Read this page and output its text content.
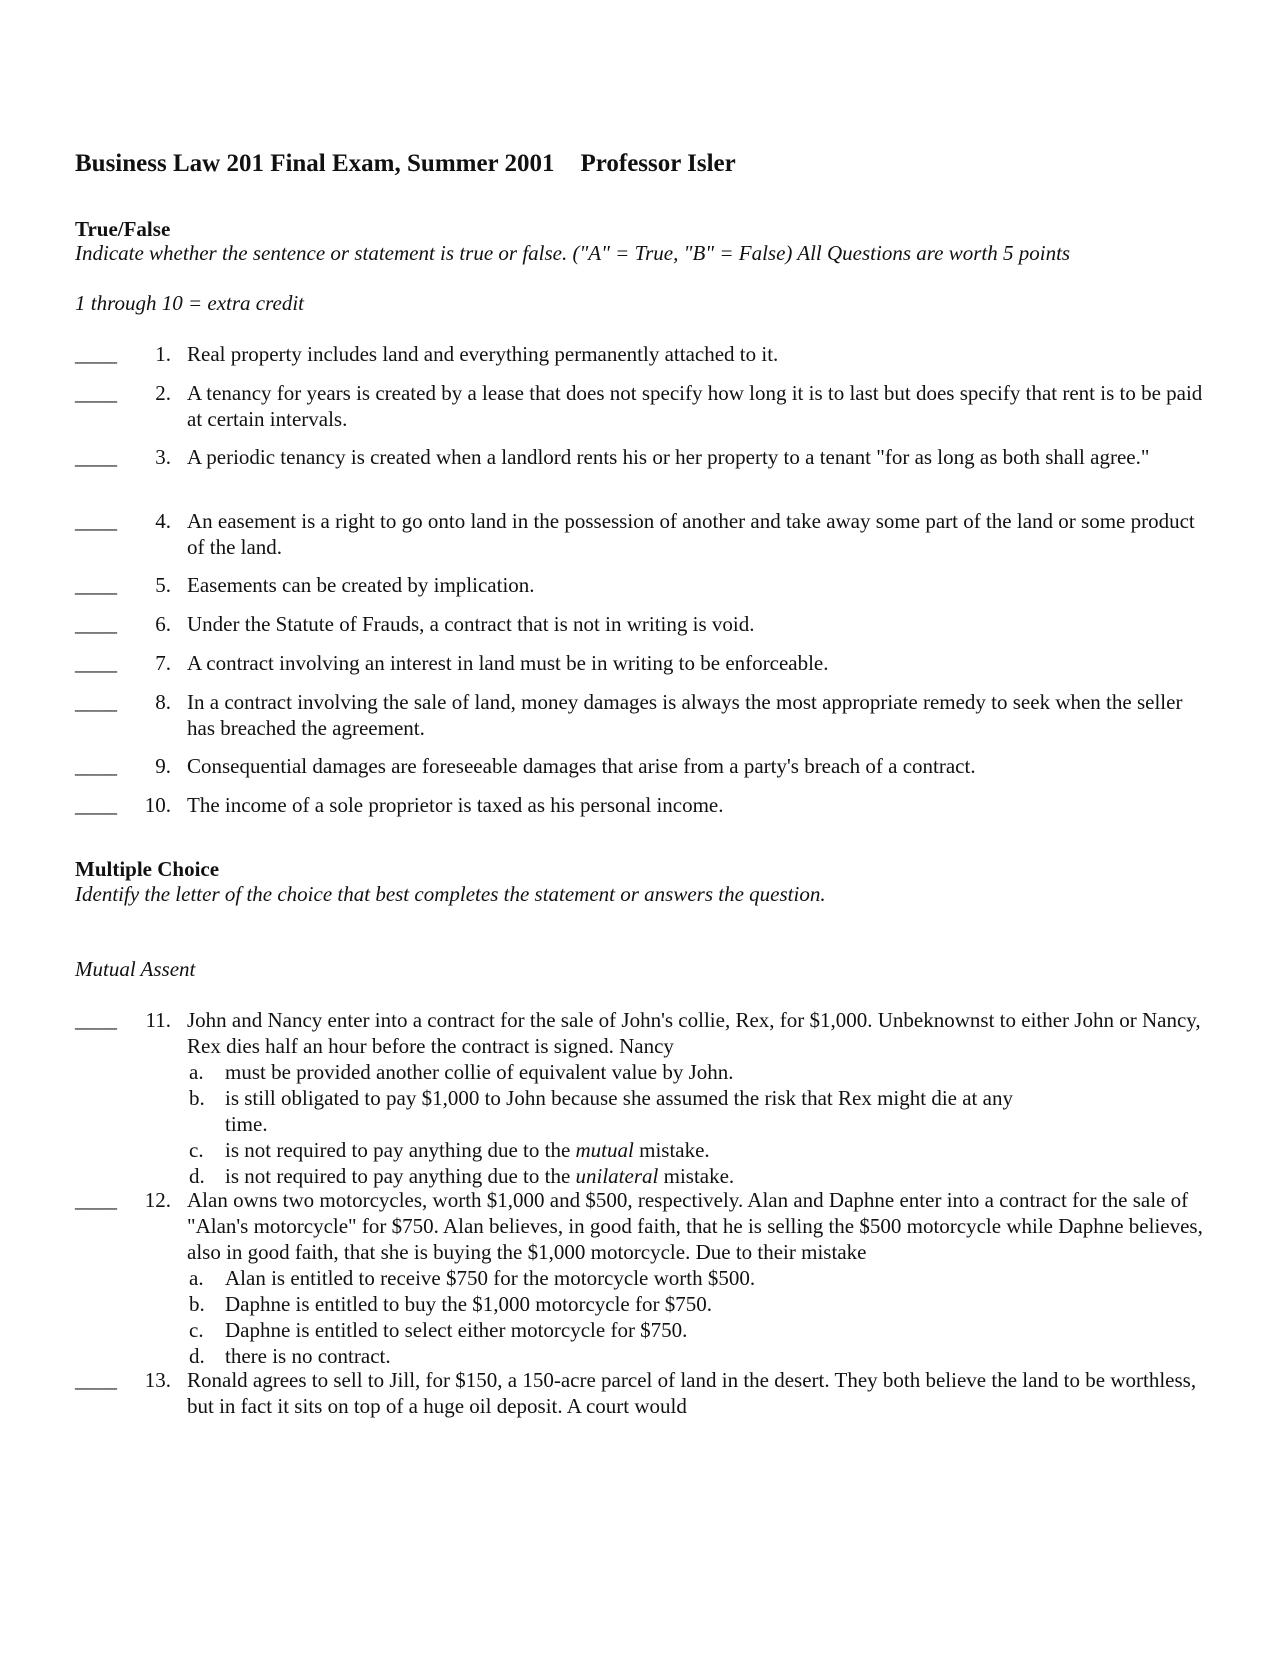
Business Law 201 Final Exam, Summer 2001 Professor Isler
True/False
Indicate whether the sentence or statement is true or false. ("A" = True, "B" = False) All Questions are worth 5 points
1 through 10 = extra credit
____	1. Real property includes land and everything permanently attached to it.
____	2. A tenancy for years is created by a lease that does not specify how long it is to last but does specify that rent is to be paid at certain intervals.
____	3. A periodic tenancy is created when a landlord rents his or her property to a tenant "for as long as both shall agree."
____	4. An easement is a right to go onto land in the possession of another and take away some part of the land or some product of the land.
____	5. Easements can be created by implication.
____	6. Under the Statute of Frauds, a contract that is not in writing is void.
____	7. A contract involving an interest in land must be in writing to be enforceable.
____	8. In a contract involving the sale of land, money damages is always the most appropriate remedy to seek when the seller has breached the agreement.
____	9. Consequential damages are foreseeable damages that arise from a party's breach of a contract.
____	10. The income of a sole proprietor is taxed as his personal income.
Multiple Choice
Identify the letter of the choice that best completes the statement or answers the question.
Mutual Assent
____	11. John and Nancy enter into a contract for the sale of John's collie, Rex, for $1,000. Unbeknownst to either John or Nancy, Rex dies half an hour before the contract is signed. Nancy
a. must be provided another collie of equivalent value by John.
b. is still obligated to pay $1,000 to John because she assumed the risk that Rex might die at any time.
c. is not required to pay anything due to the mutual mistake.
d. is not required to pay anything due to the unilateral mistake.
____	12. Alan owns two motorcycles, worth $1,000 and $500, respectively. Alan and Daphne enter into a contract for the sale of "Alan's motorcycle" for $750. Alan believes, in good faith, that he is selling the $500 motorcycle while Daphne believes, also in good faith, that she is buying the $1,000 motorcycle. Due to their mistake
a. Alan is entitled to receive $750 for the motorcycle worth $500.
b. Daphne is entitled to buy the $1,000 motorcycle for $750.
c. Daphne is entitled to select either motorcycle for $750.
d. there is no contract.
____	13. Ronald agrees to sell to Jill, for $150, a 150-acre parcel of land in the desert. They both believe the land to be worthless, but in fact it sits on top of a huge oil deposit. A court would
